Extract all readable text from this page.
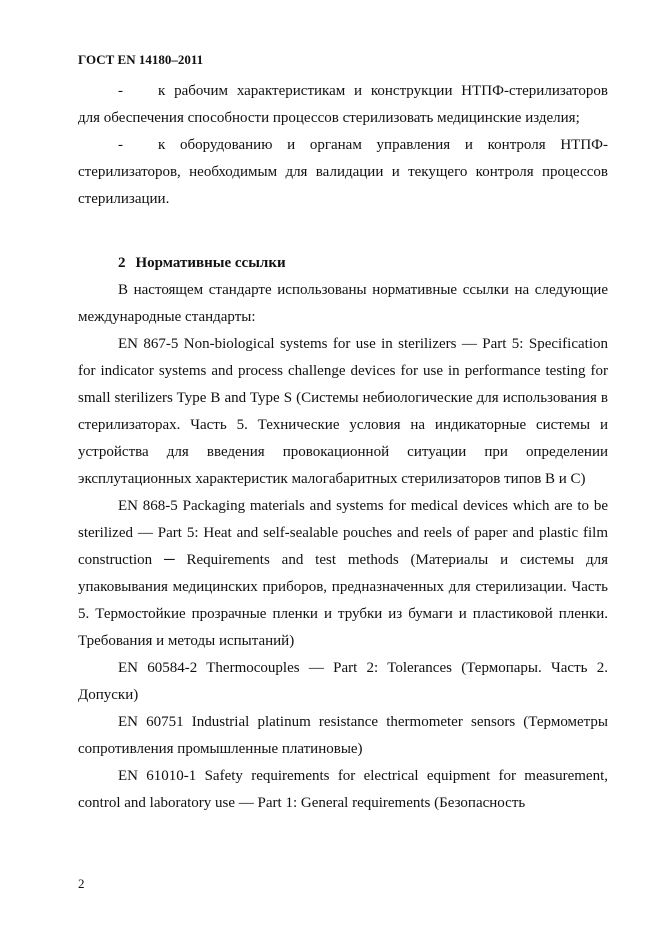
ГОСТ EN 14180–2011

- к рабочим характеристикам и конструкции НТПФ-стерилизаторов для обеспечения способности процессов стерилизовать медицинские изделия;

- к оборудованию и органам управления и контроля НТПФ-стерилизаторов, необходимым для валидации и текущего контроля процессов стерилизации.

2 Нормативные ссылки

В настоящем стандарте использованы нормативные ссылки на следующие международные стандарты:

EN 867-5 Non-biological systems for use in sterilizers — Part 5: Specification for indicator systems and process challenge devices for use in performance testing for small sterilizers Type B and Type S (Системы небиологические для использования в стерилизаторах. Часть 5. Технические условия на индикаторные системы и устройства для введения провокационной ситуации при определении эксплутационных характеристик малогабаритных стерилизаторов типов B и C)

EN 868-5 Packaging materials and systems for medical devices which are to be sterilized — Part 5: Heat and self-sealable pouches and reels of paper and plastic film construction ─ Requirements and test methods (Материалы и системы для упаковывания медицинских приборов, предназначенных для стерилизации. Часть 5. Термостойкие прозрачные пленки и трубки из бумаги и пластиковой пленки. Требования и методы испытаний)

EN 60584-2 Thermocouples — Part 2: Tolerances (Термопары. Часть 2. Допуски)

EN 60751 Industrial platinum resistance thermometer sensors (Термометры сопротивления промышленные платиновые)

EN 61010-1 Safety requirements for electrical equipment for measurement, control and laboratory use — Part 1: General requirements (Безопасность

2
